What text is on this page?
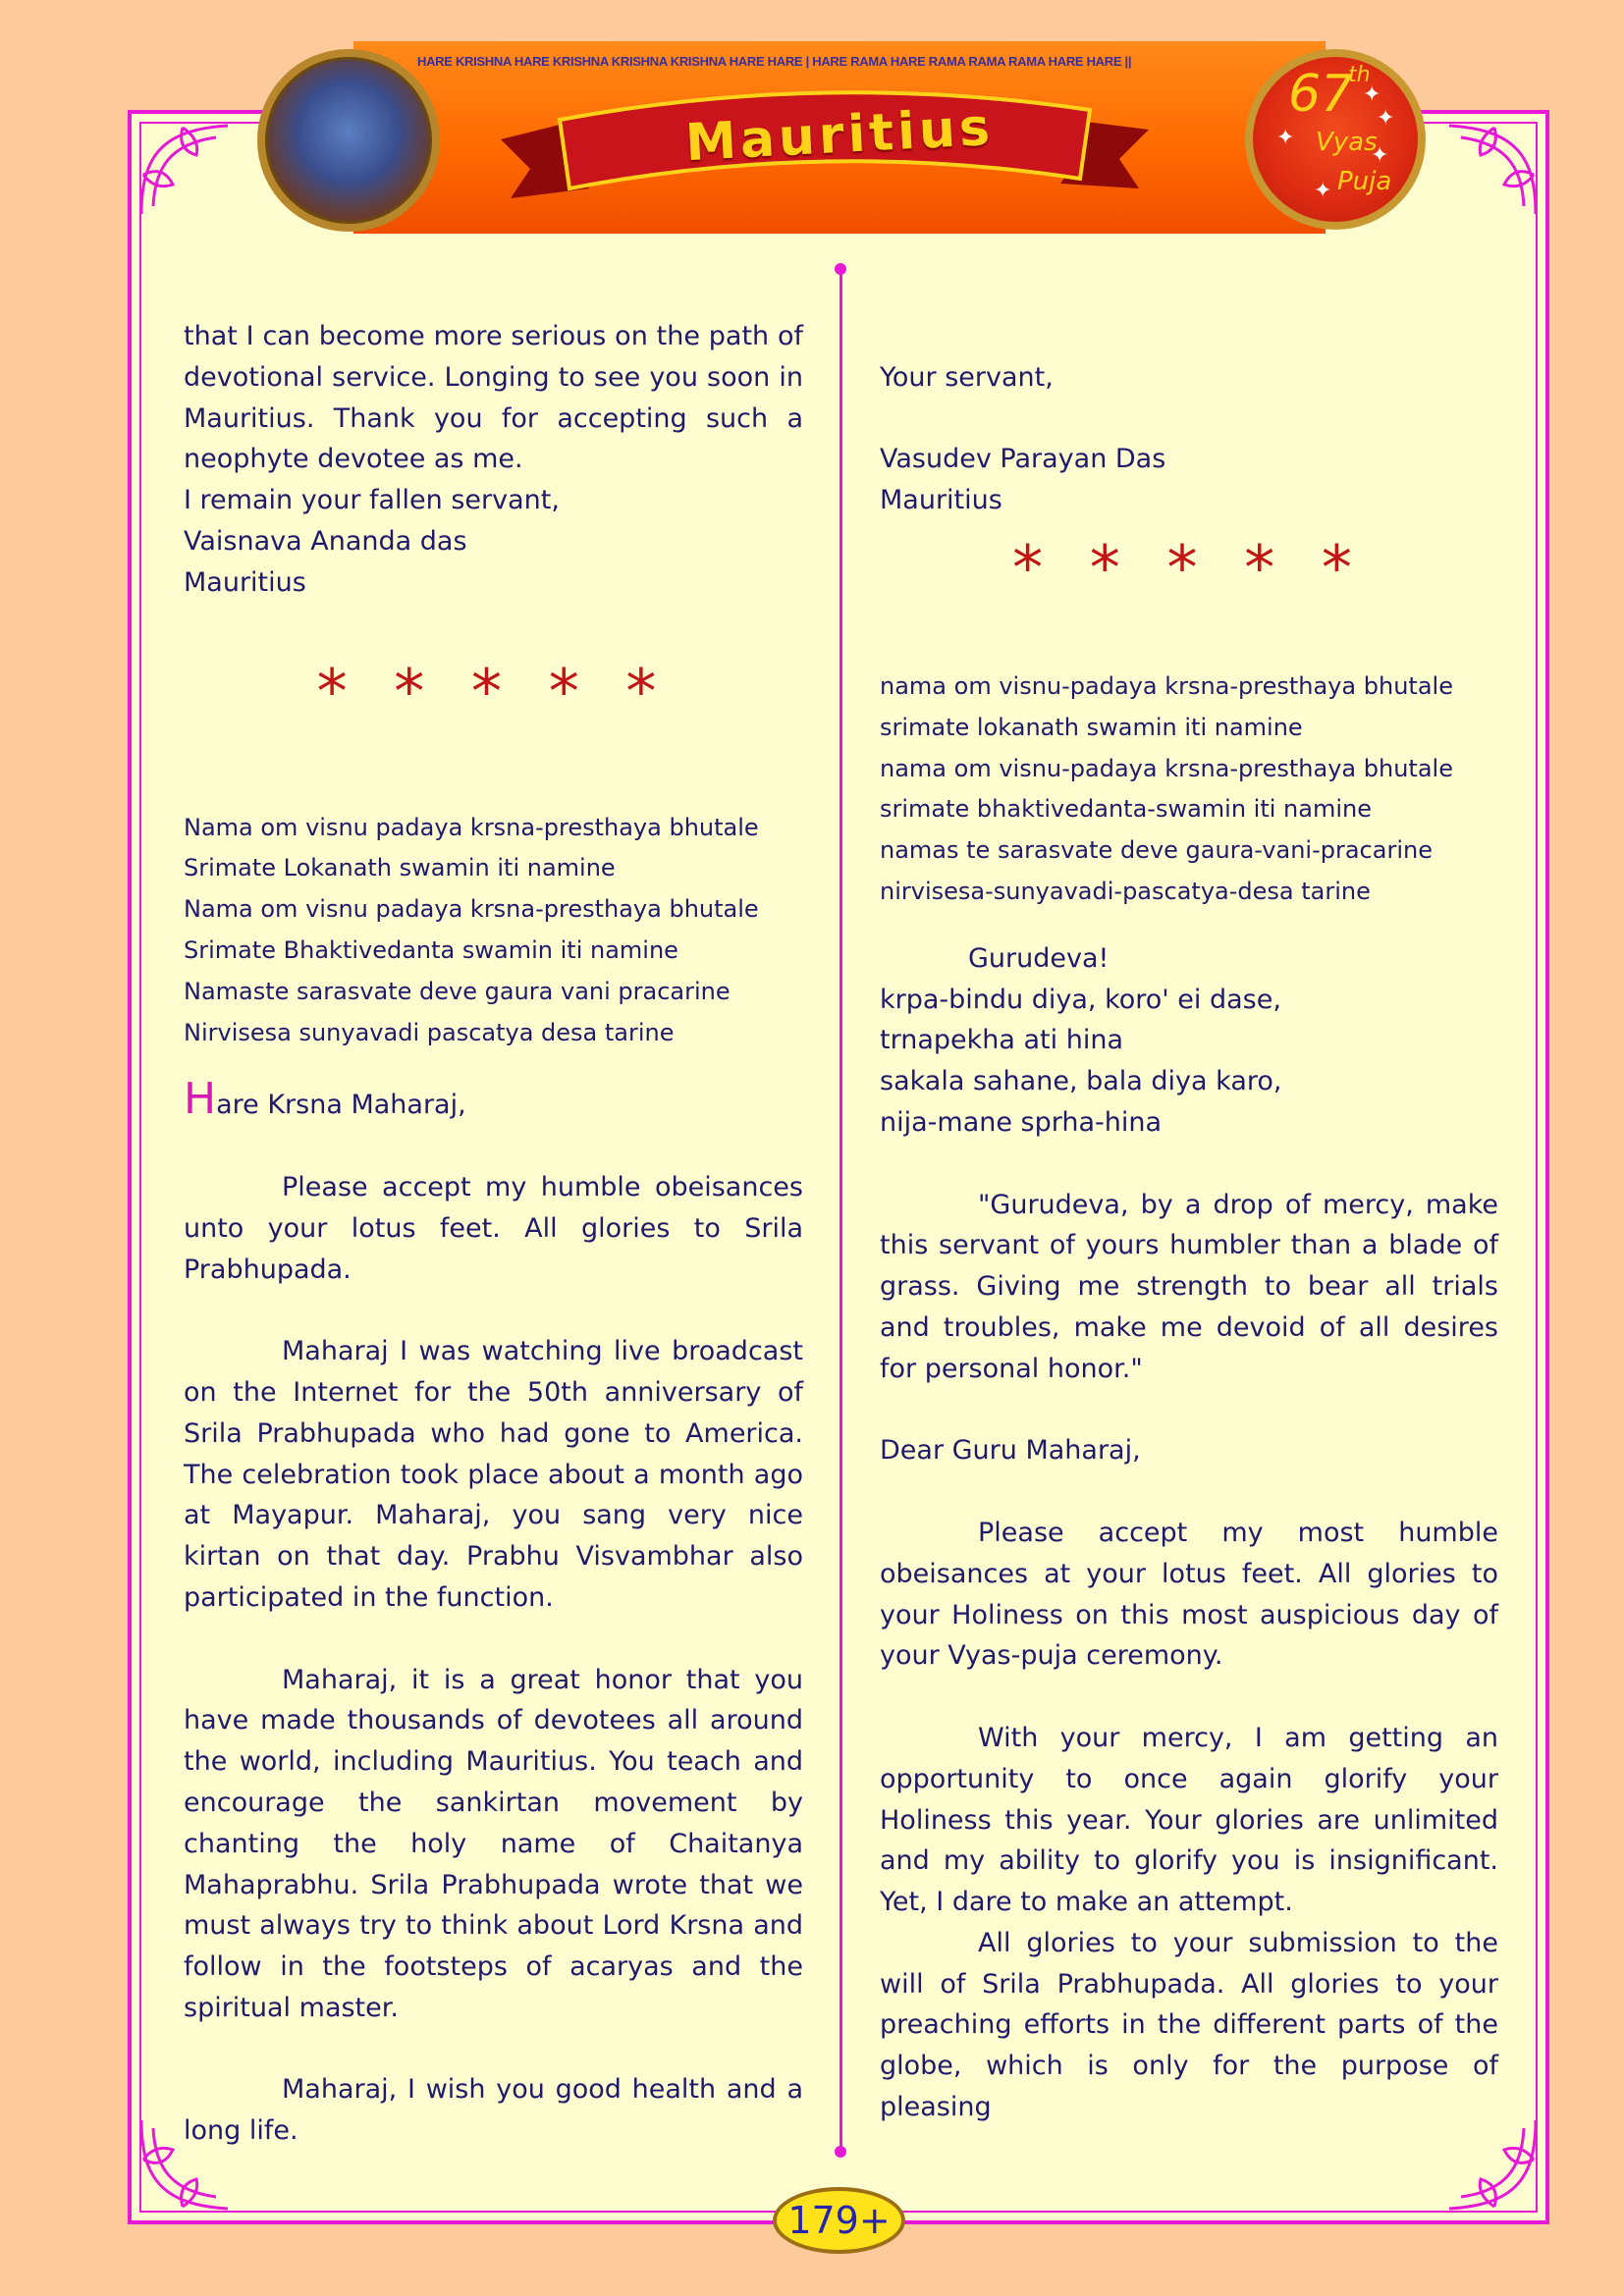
HARE KRISHNA HARE KRISHNA KRISHNA KRISHNA HARE HARE | HARE RAMA HARE RAMA RAMA RAMA HARE HARE ||
Mauritius
67
th
Vyas
Puja
✦
✦
✦
✦
✦

that I can become more serious on the path of devotional service. Longing to see you soon in Mauritius. Thank you for accepting such a neophyte devotee as me.

I remain your fallen servant,

Vaisnava Ananda das

Mauritius

* * * * *

Nama om visnu padaya krsna-presthaya bhutale

Srimate Lokanath swamin iti namine

Nama om visnu padaya krsna-presthaya bhutale

Srimate Bhaktivedanta swamin iti namine

Namaste sarasvate deve gaura vani pracarine

Nirvisesa sunyavadi pascatya desa tarine

Hare Krsna Maharaj,

Please accept my humble obeisances unto your lotus feet. All glories to Srila Prabhupada.

Maharaj I was watching live broadcast on the Internet for the 50th anniversary of Srila Prabhupada who had gone to America. The celebration took place about a month ago at Mayapur. Maharaj, you sang very nice kirtan on that day. Prabhu Visvambhar also participated in the function.

Maharaj, it is a great honor that you have made thousands of devotees all around the world, including Mauritius. You teach and encourage the sankirtan movement by chanting the holy name of Chaitanya Mahaprabhu. Srila Prabhupada wrote that we must always try to think about Lord Krsna and follow in the footsteps of acaryas and the spiritual master.

Maharaj, I wish you good health and a long life.

Your servant,

Vasudev Parayan Das

Mauritius

* * * * *

nama om visnu-padaya krsna-presthaya bhutale

srimate lokanath swamin iti namine

nama om visnu-padaya krsna-presthaya bhutale

srimate bhaktivedanta-swamin iti namine

namas te sarasvate deve gaura-vani-pracarine

nirvisesa-sunyavadi-pascatya-desa tarine

Gurudeva!

krpa-bindu diya, koro' ei dase,

trnapekha ati hina

sakala sahane, bala diya karo,

nija-mane sprha-hina

"Gurudeva, by a drop of mercy, make this servant of yours humbler than a blade of grass. Giving me strength to bear all trials and troubles, make me devoid of all desires for personal honor."

Dear Guru Maharaj,

Please accept my most humble obeisances at your lotus feet. All glories to your Holiness on this most auspicious day of your Vyas-puja ceremony.

With your mercy, I am getting an opportunity to once again glorify your Holiness this year. Your glories are unlimited and my ability to glorify you is insignificant. Yet, I dare to make an attempt.

All glories to your submission to the will of Srila Prabhupada. All glories to your preaching efforts in the different parts of the globe, which is only for the purpose of pleasing

179+
